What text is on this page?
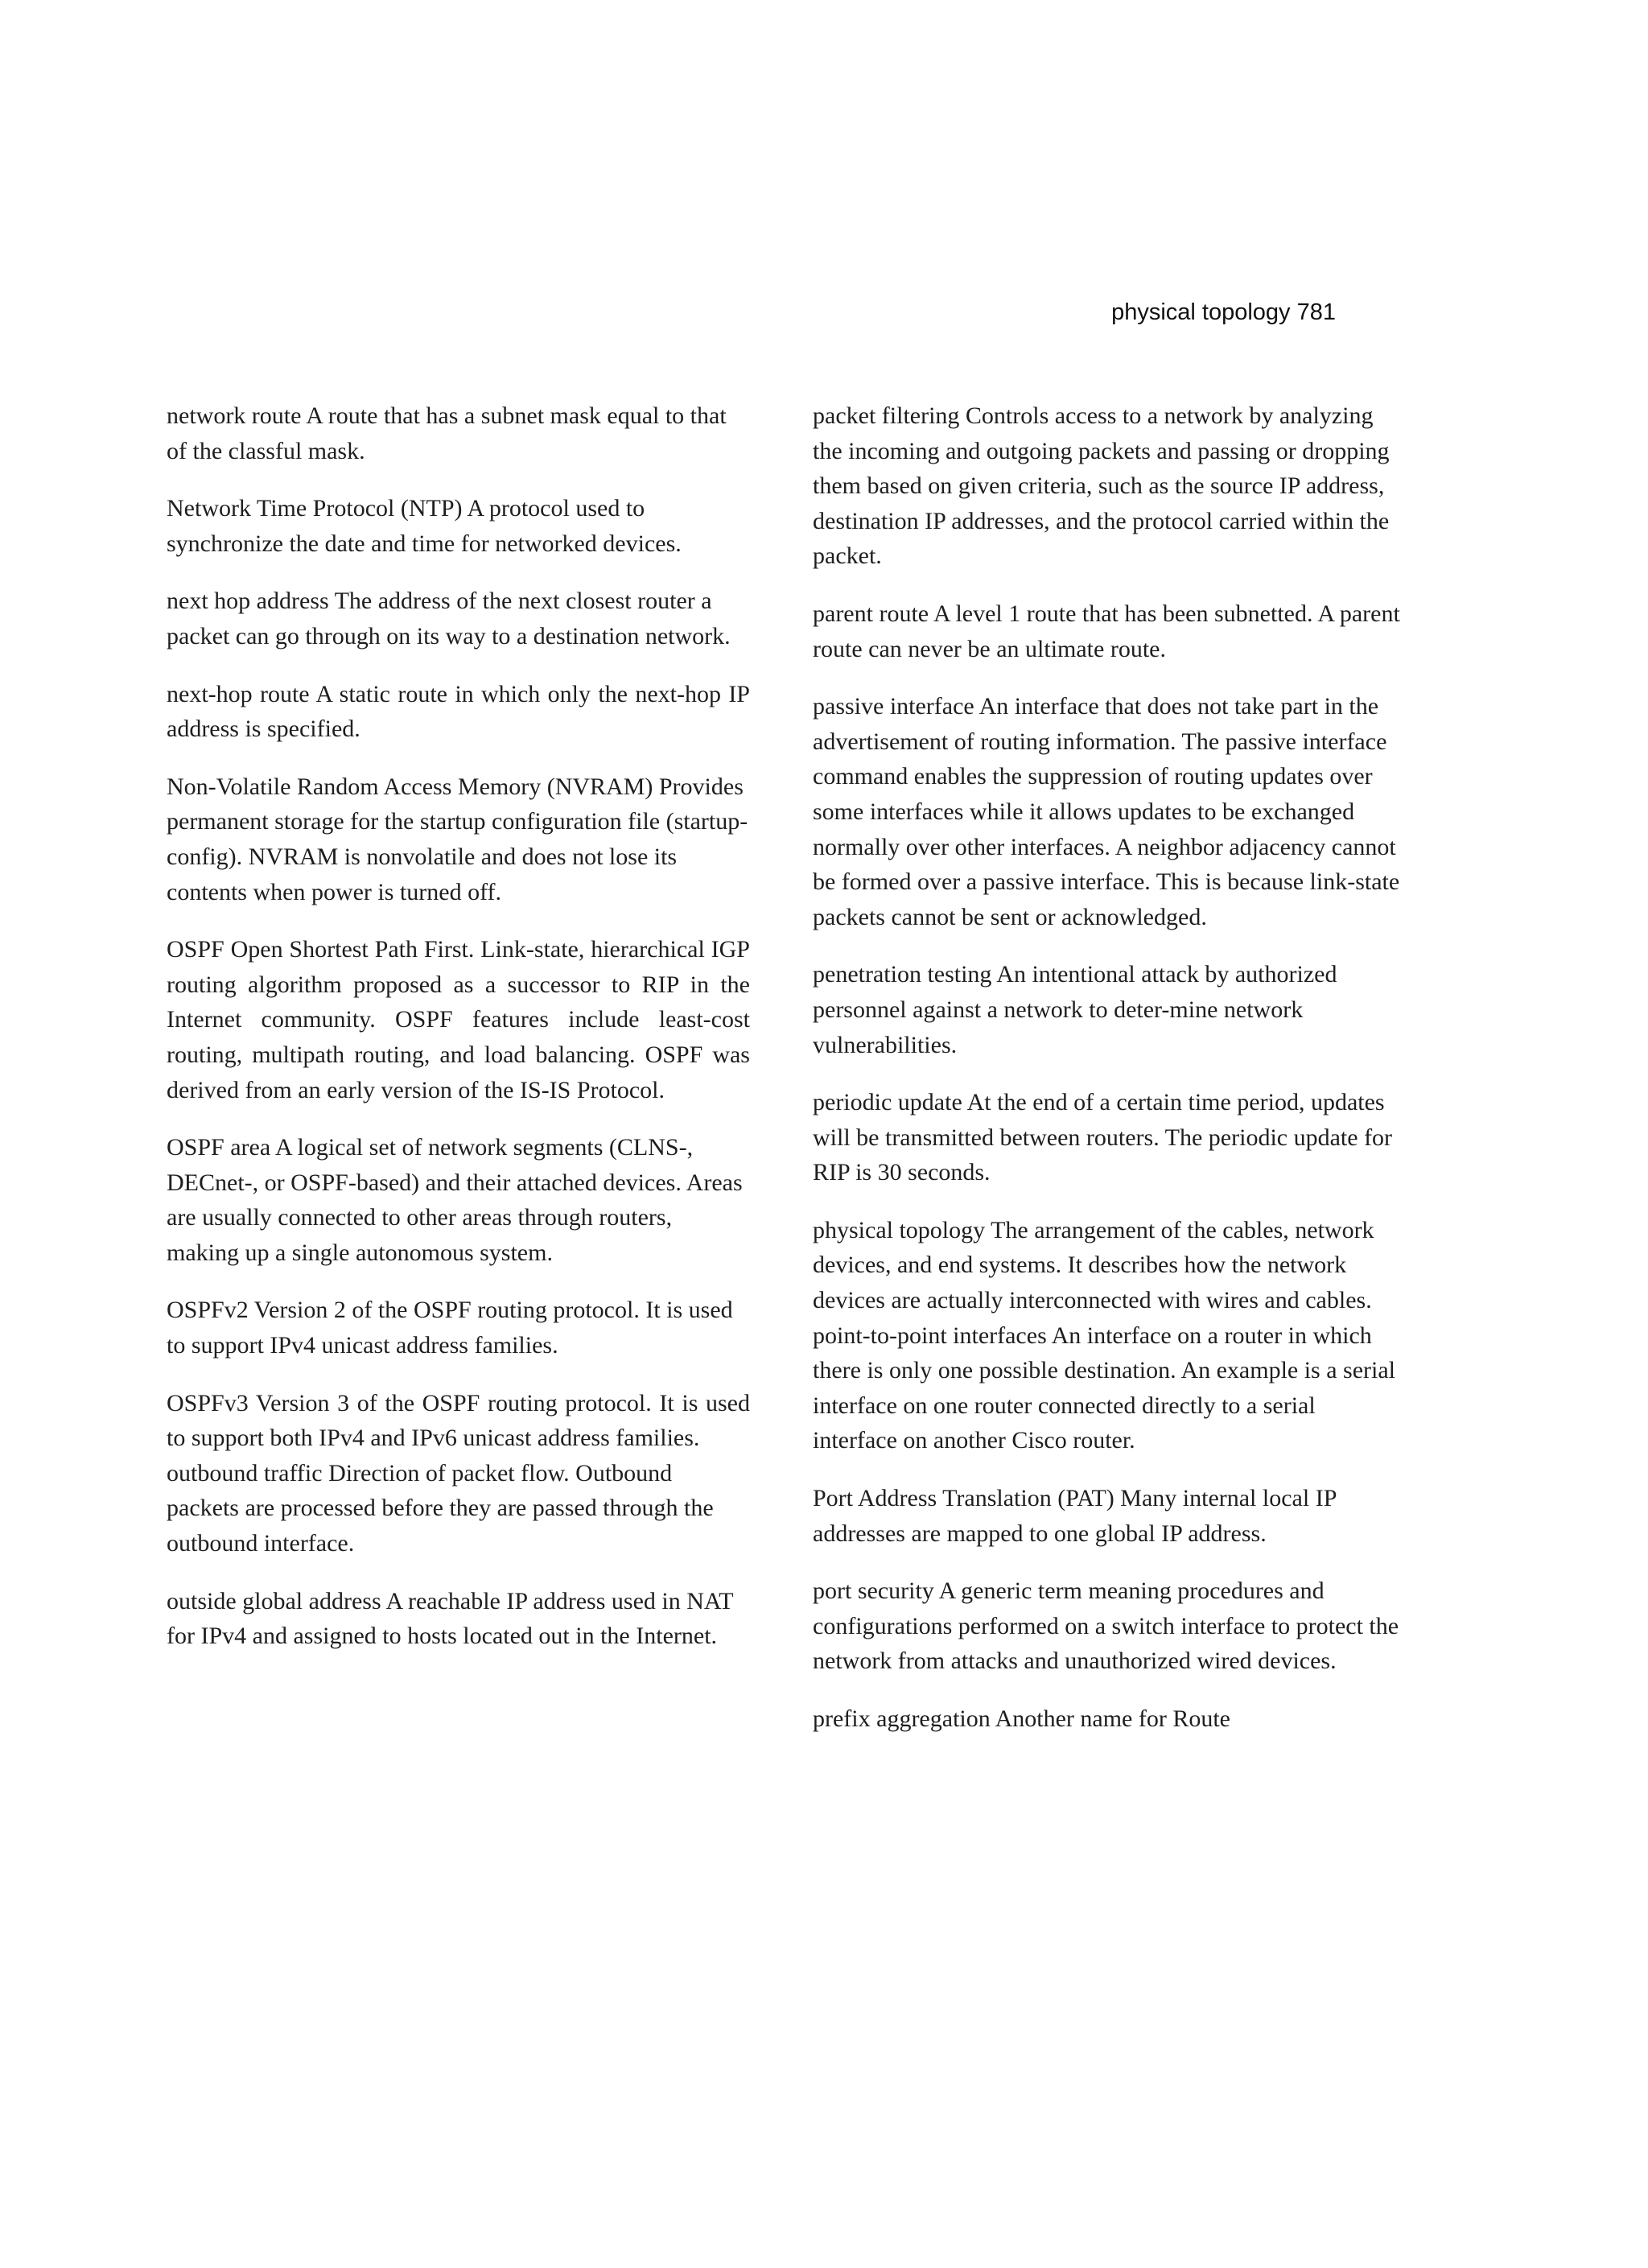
physical topology 781

network route A route that has a subnet mask equal to that of the classful mask.

Network Time Protocol (NTP) A protocol used to synchronize the date and time for networked devices.

next hop address The address of the next closest router a packet can go through on its way to a destination network.

next-hop route A static route in which only the next-hop IP address is specified.

Non-Volatile Random Access Memory (NVRAM) Provides permanent storage for the startup configuration file (startup-config). NVRAM is nonvolatile and does not lose its contents when power is turned off.

OSPF Open Shortest Path First. Link-state, hierarchical IGP routing algorithm proposed as a successor to RIP in the Internet community. OSPF features include least-cost routing, multipath routing, and load balancing. OSPF was derived from an early version of the IS-IS Protocol.

OSPF area A logical set of network segments (CLNS-, DECnet-, or OSPF-based) and their attached devices. Areas are usually connected to other areas through routers, making up a single autonomous system.

OSPFv2 Version 2 of the OSPF routing protocol. It is used to support IPv4 unicast address families.

OSPFv3 Version 3 of the OSPF routing protocol. It is used to support both IPv4 and IPv6 unicast address families.

outbound traffic Direction of packet flow. Outbound packets are processed before they are passed through the outbound interface.

outside global address A reachable IP address used in NAT for IPv4 and assigned to hosts located out in the Internet.

packet filtering Controls access to a network by analyzing the incoming and outgoing packets and passing or dropping them based on given criteria, such as the source IP address, destination IP addresses, and the protocol carried within the packet.

parent route A level 1 route that has been subnetted. A parent route can never be an ultimate route.

passive interface An interface that does not take part in the advertisement of routing information. The passive interface command enables the suppression of routing updates over some interfaces while it allows updates to be exchanged normally over other interfaces. A neighbor adjacency cannot be formed over a passive interface. This is because link-state packets cannot be sent or acknowledged.

penetration testing An intentional attack by authorized personnel against a network to deter-mine network vulnerabilities.

periodic update At the end of a certain time period, updates will be transmitted between routers. The periodic update for RIP is 30 seconds.

physical topology The arrangement of the cables, network devices, and end systems. It describes how the network devices are actually interconnected with wires and cables.

point-to-point interfaces An interface on a router in which there is only one possible destination. An example is a serial interface on one router connected directly to a serial interface on another Cisco router.

Port Address Translation (PAT) Many internal local IP addresses are mapped to one global IP address.

port security A generic term meaning procedures and configurations performed on a switch interface to protect the network from attacks and unauthorized wired devices.

prefix aggregation Another name for Route
